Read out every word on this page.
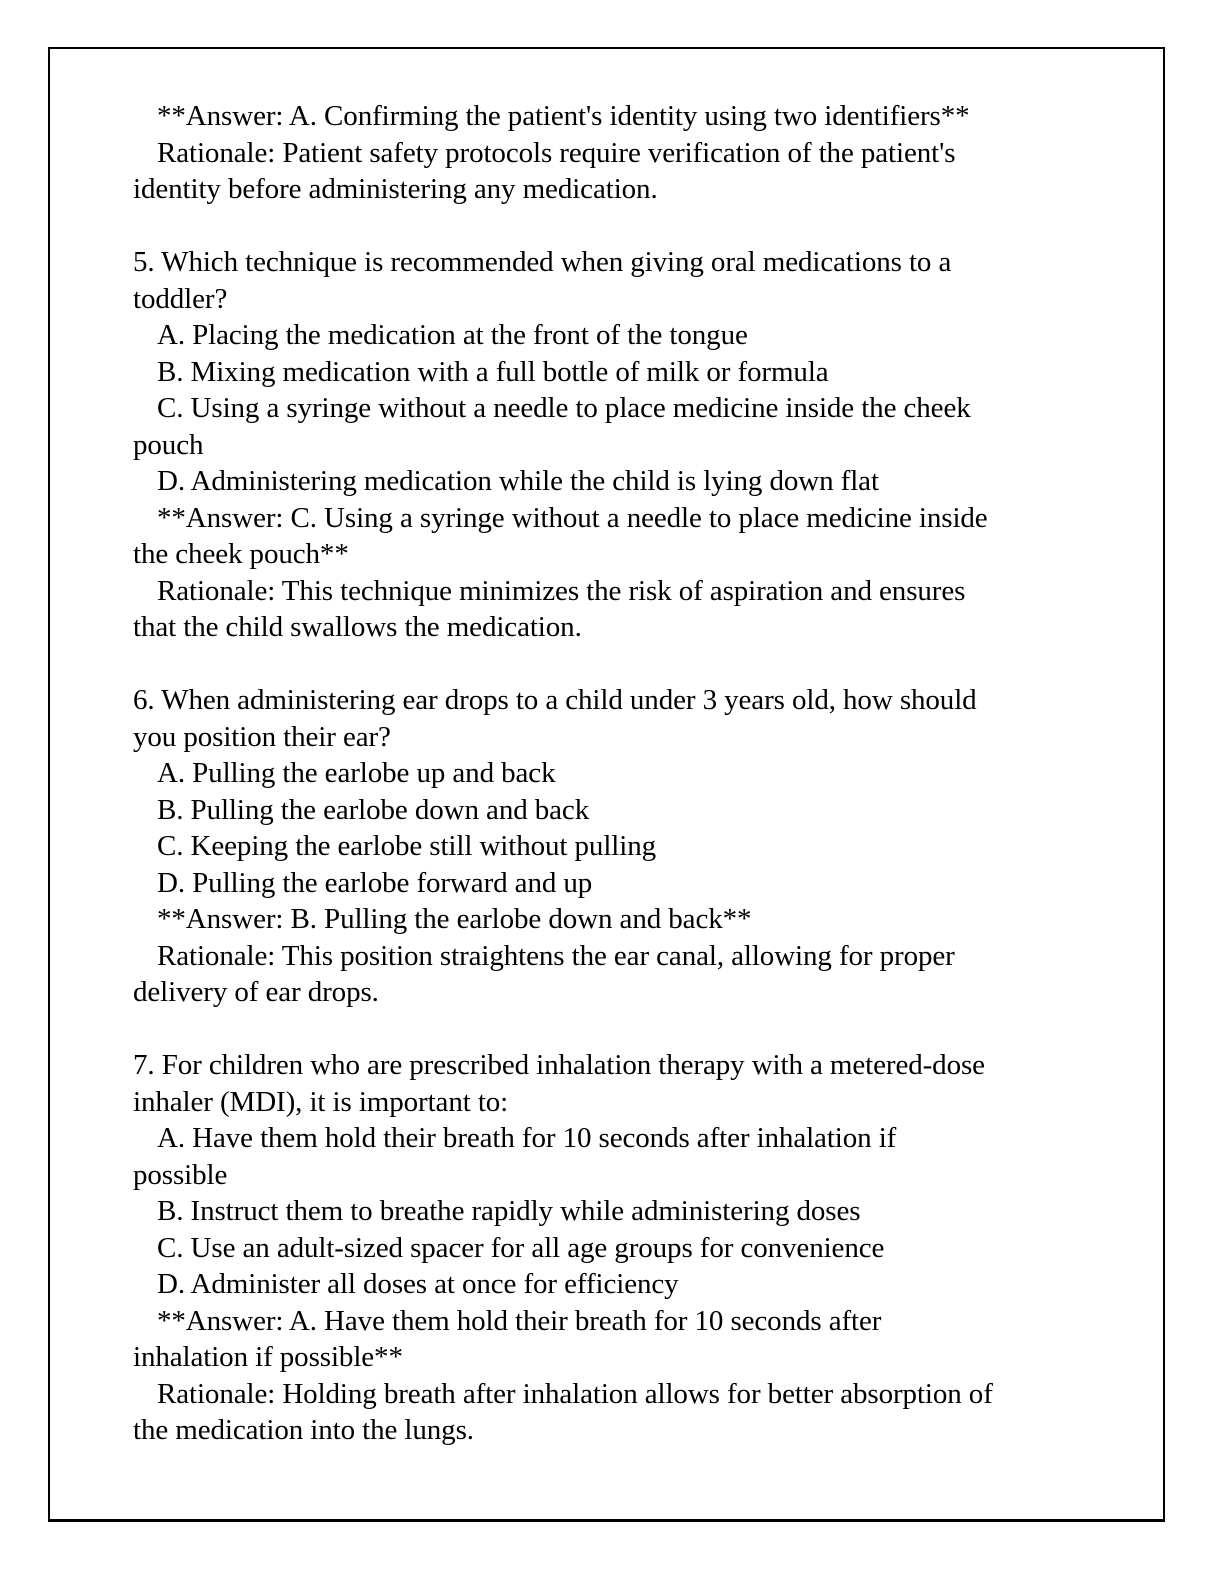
**Answer: A. Confirming the patient's identity using two identifiers**
Rationale: Patient safety protocols require verification of the patient's
identity before administering any medication.
5. Which technique is recommended when giving oral medications to a
toddler?
A. Placing the medication at the front of the tongue
B. Mixing medication with a full bottle of milk or formula
C. Using a syringe without a needle to place medicine inside the cheek
pouch
D. Administering medication while the child is lying down flat
**Answer: C. Using a syringe without a needle to place medicine inside
the cheek pouch**
Rationale: This technique minimizes the risk of aspiration and ensures
that the child swallows the medication.
6. When administering ear drops to a child under 3 years old, how should
you position their ear?
A. Pulling the earlobe up and back
B. Pulling the earlobe down and back
C. Keeping the earlobe still without pulling
D. Pulling the earlobe forward and up
**Answer: B. Pulling the earlobe down and back**
Rationale: This position straightens the ear canal, allowing for proper
delivery of ear drops.
7. For children who are prescribed inhalation therapy with a metered-dose
inhaler (MDI), it is important to:
A. Have them hold their breath for 10 seconds after inhalation if
possible
B. Instruct them to breathe rapidly while administering doses
C. Use an adult-sized spacer for all age groups for convenience
D. Administer all doses at once for efficiency
**Answer: A. Have them hold their breath for 10 seconds after
inhalation if possible**
Rationale: Holding breath after inhalation allows for better absorption of
the medication into the lungs.
